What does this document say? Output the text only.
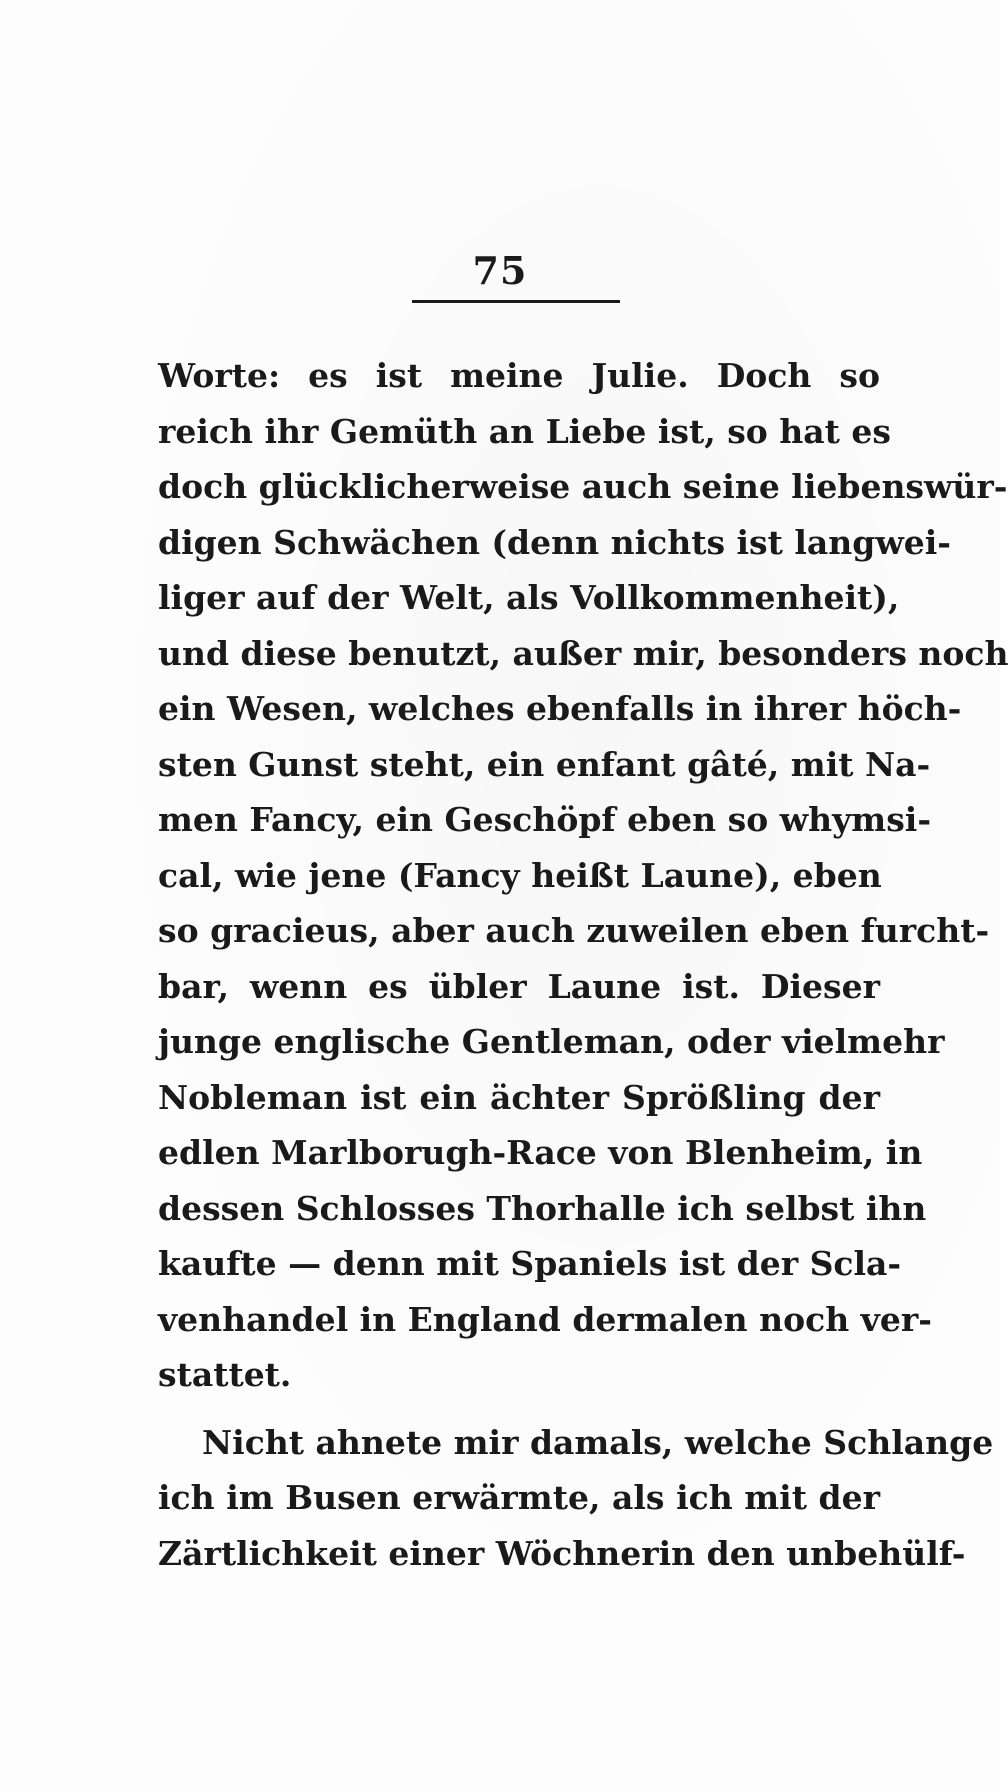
75
Worte: es ist meine Julie. Doch so
reich ihr Gemüth an Liebe ist, so hat es
doch glücklicherweise auch seine liebenswür-
digen Schwächen (denn nichts ist langwei-
liger auf der Welt, als Vollkommenheit),
und diese benutzt, außer mir, besonders noch
ein Wesen, welches ebenfalls in ihrer höch-
sten Gunst steht, ein enfant gâté, mit Na-
men Fancy, ein Geschöpf eben so whymsi-
cal, wie jene (Fancy heißt Laune), eben
so gracieus, aber auch zuweilen eben furcht-
bar, wenn es übler Laune ist. Dieser
junge englische Gentleman, oder vielmehr
Nobleman ist ein ächter Sprößling der
edlen Marlborugh-Race von Blenheim, in
dessen Schlosses Thorhalle ich selbst ihn
kaufte — denn mit Spaniels ist der Scla-
venhandel in England dermalen noch ver-
stattet.
Nicht ahnete mir damals, welche Schlange
ich im Busen erwärmte, als ich mit der
Zärtlichkeit einer Wöchnerin den unbehülf-
